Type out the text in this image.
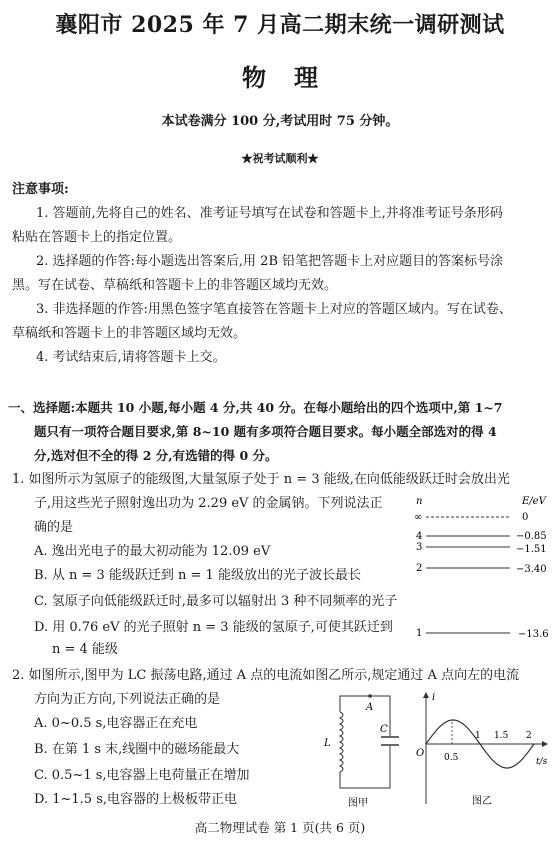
襄阳市 2025 年 7 月高二期末统一调研测试
物理
本试卷满分 100 分,考试用时 75 分钟。
★祝考试顺利★
注意事项:
1. 答题前,先将自己的姓名、准考证号填写在试卷和答题卡上,并将准考证号条形码
粘贴在答题卡上的指定位置。
2. 选择题的作答:每小题选出答案后,用 2B 铅笔把答题卡上对应题目的答案标号涂
黑。写在试卷、草稿纸和答题卡上的非答题区域均无效。
3. 非选择题的作答:用黑色签字笔直接答在答题卡上对应的答题区域内。写在试卷、
草稿纸和答题卡上的非答题区域均无效。
4. 考试结束后,请将答题卡上交。
一、选择题:本题共 10 小题,每小题 4 分,共 40 分。在每小题给出的四个选项中,第 1~7
题只有一项符合题目要求,第 8~10 题有多项符合题目要求。每小题全部选对的得 4
分,选对但不全的得 2 分,有选错的得 0 分。
1. 如图所示为氢原子的能级图,大量氢原子处于 n = 3 能级,在向低能级跃迁时会放出光
子,用这些光子照射逸出功为 2.29 eV 的金属钠。下列说法正
确的是
A. 逸出光电子的最大初动能为 12.09 eV
B. 从 n = 3 能级跃迁到 n = 1 能级放出的光子波长最长
C. 氢原子向低能级跃迁时,最多可以辐射出 3 种不同频率的光子
D. 用 0.76 eV 的光子照射 n = 3 能级的氢原子,可使其跃迁到
n = 4 能级
n	E/eV
∞	0
4	−0.85
3	−1.51
2	−3.40
1	−13.6
2. 如图所示,图甲为 LC 振荡电路,通过 A 点的电流如图乙所示,规定通过 A 点向左的电流
方向为正方向,下列说法正确的是
A. 0~0.5 s,电容器正在充电
B. 在第 1 s 末,线圈中的磁场能最大
C. 0.5~1 s,电容器上电荷量正在增加
D. 1~1.5 s,电容器的上极板带正电
A
L
C
图甲
i
t/s
O 0.5
1 1.5 2
图乙
高二物理试卷 第 1 页(共 6 页)
